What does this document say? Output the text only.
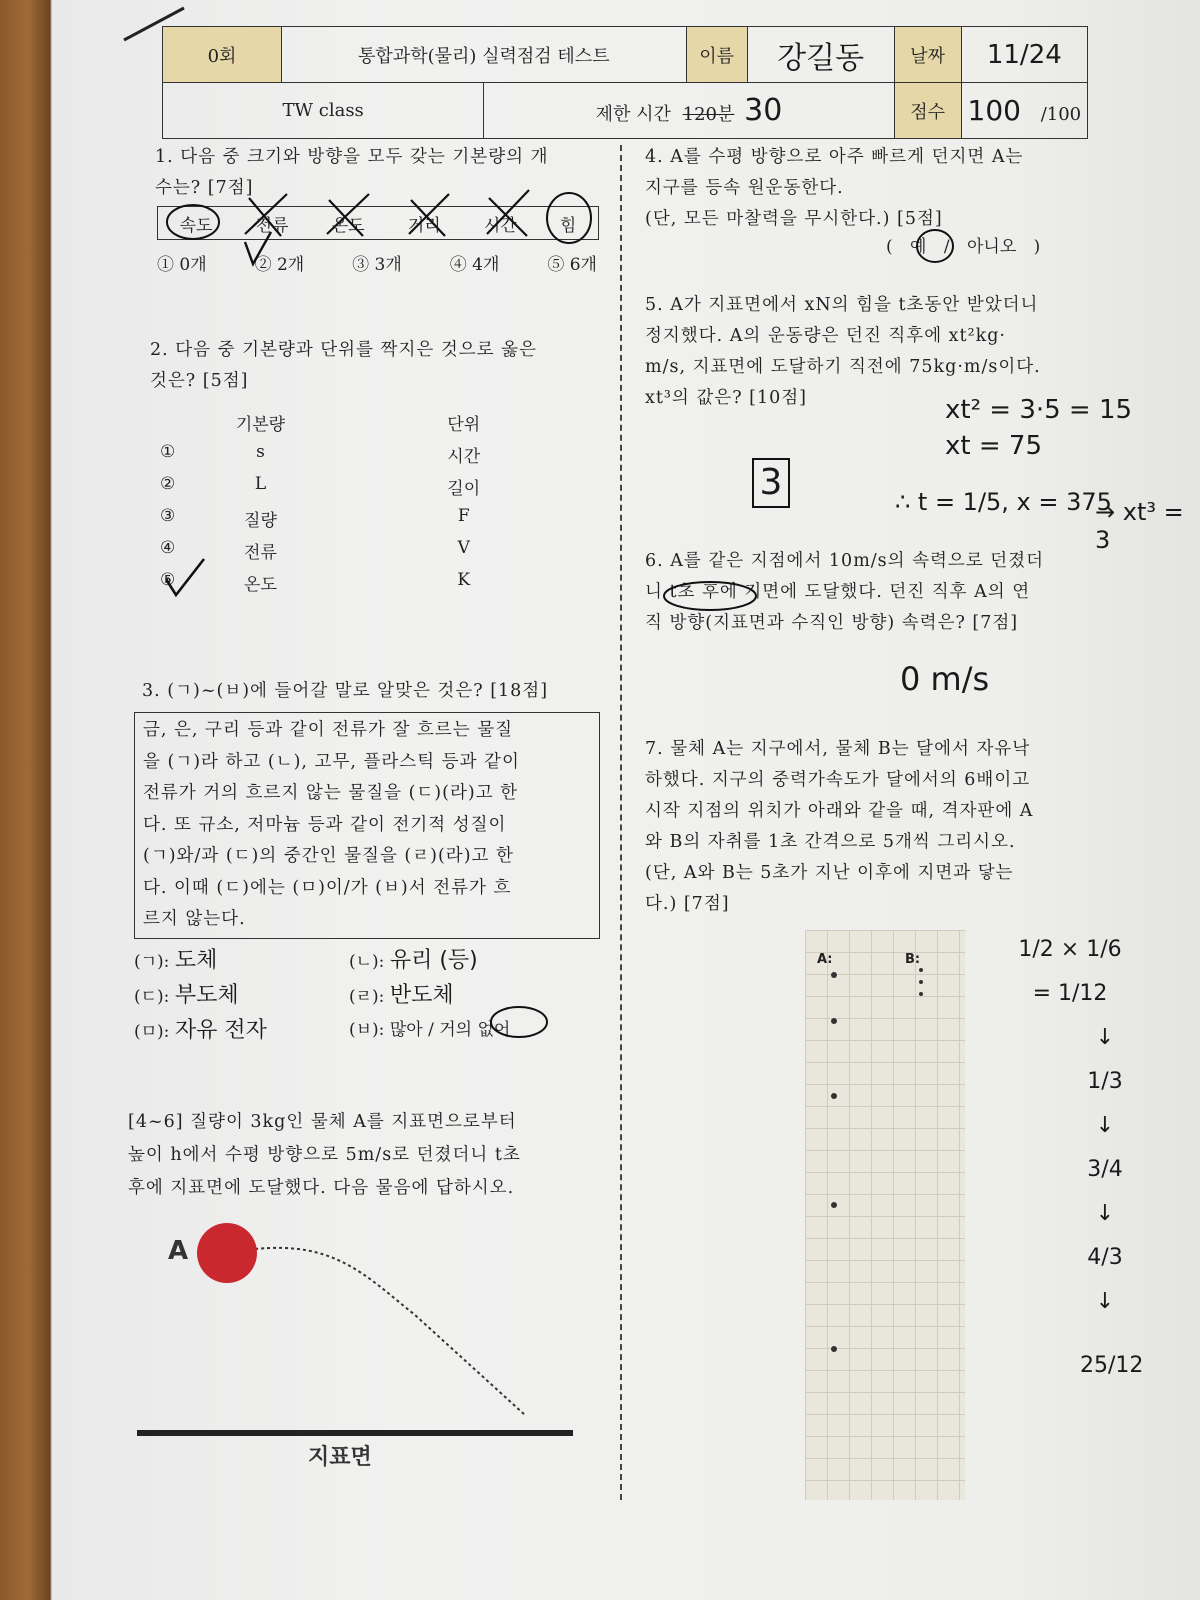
0회	통합과학(물리) 실력점검 테스트		이름	강길동	날짜	11/24
TW class		제한 시간 120분 30			점수	100 /100
1. 다음 중 크기와 방향을 모두 갖는 기본량의 개
수는? [7점]
속도	전류	온도	거리	시간	힘
① 0개	② 2개	③ 3개	④ 4개	⑤ 6개
2. 다음 중 기본량과 단위를 짝지은 것으로 옳은
것은? [5점]
기본량	단위
①	s	시간
②	L	길이
③	질량	F
④	전류	V
⑤	온도	K
3. (ㄱ)~(ㅂ)에 들어갈 말로 알맞은 것은? [18점]
금, 은, 구리 등과 같이 전류가 잘 흐르는 물질
을 (ㄱ)라 하고 (ㄴ), 고무, 플라스틱 등과 같이
전류가 거의 흐르지 않는 물질을 (ㄷ)(라)고 한
다. 또 규소, 저마늄 등과 같이 전기적 성질이
(ㄱ)와/과 (ㄷ)의 중간인 물질을 (ㄹ)(라)고 한
다. 이때 (ㄷ)에는 (ㅁ)이/가 (ㅂ)서 전류가 흐
르지 않는다.
(ㄱ): 도체	(ㄴ): 유리 (등)
(ㄷ): 부도체	(ㄹ): 반도체
(ㅁ): 자유 전자	(ㅂ): 많아 / 거의 없어
[4~6] 질량이 3kg인 물체 A를 지표면으로부터
높이 h에서 수평 방향으로 5m/s로 던졌더니 t초
후에 지표면에 도달했다. 다음 물음에 답하시오.
A
지표면
4. A를 수평 방향으로 아주 빠르게 던지면 A는
지구를 등속 원운동한다.
(단, 모든 마찰력을 무시한다.) [5점]
( 예 / 아니오 )
5. A가 지표면에서 xN의 힘을 t초동안 받았더니
정지했다. A의 운동량은 던진 직후에 xt²kg·
m/s, 지표면에 도달하기 직전에 75kg·m/s이다.
xt³의 값은? [10점]
3
xt² = 3·5 = 15
xt = 75
∴ t = 1/5, x = 375
→ xt³ = 3
6. A를 같은 지점에서 10m/s의 속력으로 던졌더
니 t초 후에 지면에 도달했다. 던진 직후 A의 연
직 방향(지표면과 수직인 방향) 속력은? [7점]
0 m/s
7. 물체 A는 지구에서, 물체 B는 달에서 자유낙
하했다. 지구의 중력가속도가 달에서의 6배이고
시작 지점의 위치가 아래와 같을 때, 격자판에 A
와 B의 자취를 1초 간격으로 5개씩 그리시오.
(단, A와 B는 5초가 지난 이후에 지면과 닿는
다.) [7점]
A:	B:	1/2 × 1/6 = 1/12
↓
1/3
↓
3/4
↓
4/3
↓
25/12
